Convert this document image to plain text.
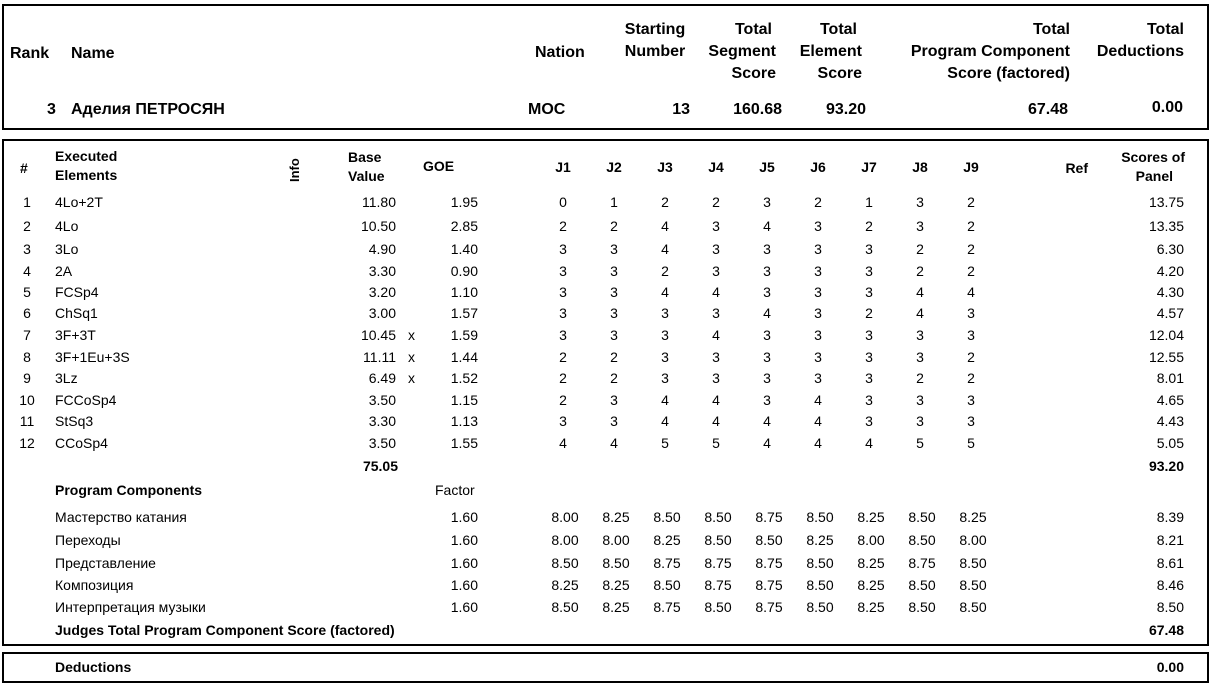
Rank Name	Nation
Starting
Number
Total
Segment
Score
Total
Element
Score
Total
Program Component
Score (factored)
Total
Deductions
3 Аделия ПЕТРОСЯН	MOC	13	160.68	93.20	67.48	0.00
#
Executed
Elements	Info
Base
Value
GOE	Ref
Scores of
Panel
J1	J2	J3	J4	J5	J6	J7	J8	J9
1	4Lo+2T	11.80	1.95	0	1	2	2	3	2	1	3	2	13.75
2	4Lo	10.50	2.85	2	2	4	3	4	3	2	3	2	13.35
3	3Lo	4.90	1.40	3	3	4	3	3	3	3	2	2	6.30
4	2A	3.30	0.90	3	3	2	3	3	3	3	2	2	4.20
5	FCSp4	3.20	1.10	3	3	4	4	3	3	3	4	4	4.30
6	ChSq1	3.00	1.57	3	3	3	3	4	3	2	4	3	4.57
7	3F+3T	10.45 x	1.59	3	3	3	4	3	3	3	3	3	12.04
8	3F+1Eu+3S	11.11 x	1.44	2	2	3	3	3	3	3	3	2	12.55
9	3Lz	6.49 x	1.52	2	2	3	3	3	3	3	2	2	8.01
10	FCCoSp4	3.50	1.15	2	3	4	4	3	4	3	3	3	4.65
11	StSq3	3.30	1.13	3	3	4	4	4	4	3	3	3	4.43
12	CCoSp4	3.50	1.55	4	4	5	5	4	4	4	5	5	5.05
75.05	93.20
Program Components	Factor
Мастерство катания	1.60	8.00	8.25	8.50	8.50	8.75	8.50	8.25	8.50	8.25	8.39
Переходы	1.60	8.00	8.00	8.25	8.50	8.50	8.25	8.00	8.50	8.00	8.21
Представление	1.60	8.50	8.50	8.75	8.75	8.75	8.50	8.25	8.75	8.50	8.61
Композиция	1.60	8.25	8.25	8.50	8.75	8.75	8.50	8.25	8.50	8.50	8.46
Интерпретация музыки	1.60	8.50	8.25	8.75	8.50	8.75	8.50	8.25	8.50	8.50	8.50
Judges Total Program Component Score (factored)	67.48
Deductions	0.00
